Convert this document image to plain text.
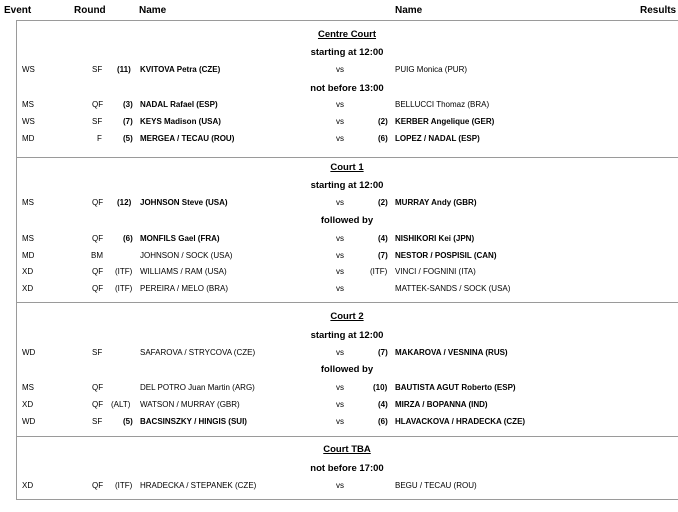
Event	Round	Name	Name	Results
Centre Court
starting at 12:00
WS	SF (11) KVITOVA Petra (CZE)	vs	PUIG Monica (PUR)
not before 13:00
MS	QF (3) NADAL Rafael (ESP)	vs	BELLUCCI Thomaz (BRA)
WS	SF	(7) KEYS Madison (USA)	vs	(2) KERBER Angelique (GER)
MD	F	(5) MERGEA / TECAU (ROU)	vs	(6) LOPEZ / NADAL (ESP)
Court 1
starting at 12:00
MS	QF (12) JOHNSON Steve (USA)	vs	(2) MURRAY Andy (GBR)
followed by
MS	QF (6) MONFILS Gael (FRA)	vs	(4) NISHIKORI Kei (JPN)
MD	BM	JOHNSON / SOCK (USA)	vs	(7) NESTOR / POSPISIL (CAN)
XD	QF (ITF) WILLIAMS / RAM (USA)	vs	(ITF) VINCI / FOGNINI (ITA)
XD	QF (ITF) PEREIRA / MELO (BRA)	vs	MATTEK-SANDS / SOCK (USA)
Court 2
starting at 12:00
WD	SF	SAFAROVA / STRYCOVA (CZE)	vs	(7) MAKAROVA / VESNINA (RUS)
followed by
MS	QF	DEL POTRO Juan Martin (ARG)	vs	(10) BAUTISTA AGUT Roberto (ESP)
XD	QF (ALT) WATSON / MURRAY (GBR)	vs	(4) MIRZA / BOPANNA (IND)
WD	SF	(5) BACSINSZKY / HINGIS (SUI)	vs	(6) HLAVACKOVA / HRADECKA (CZE)
Court TBA
not before 17:00
XD	QF (ITF) HRADECKA / STEPANEK (CZE)	vs	BEGU / TECAU (ROU)
